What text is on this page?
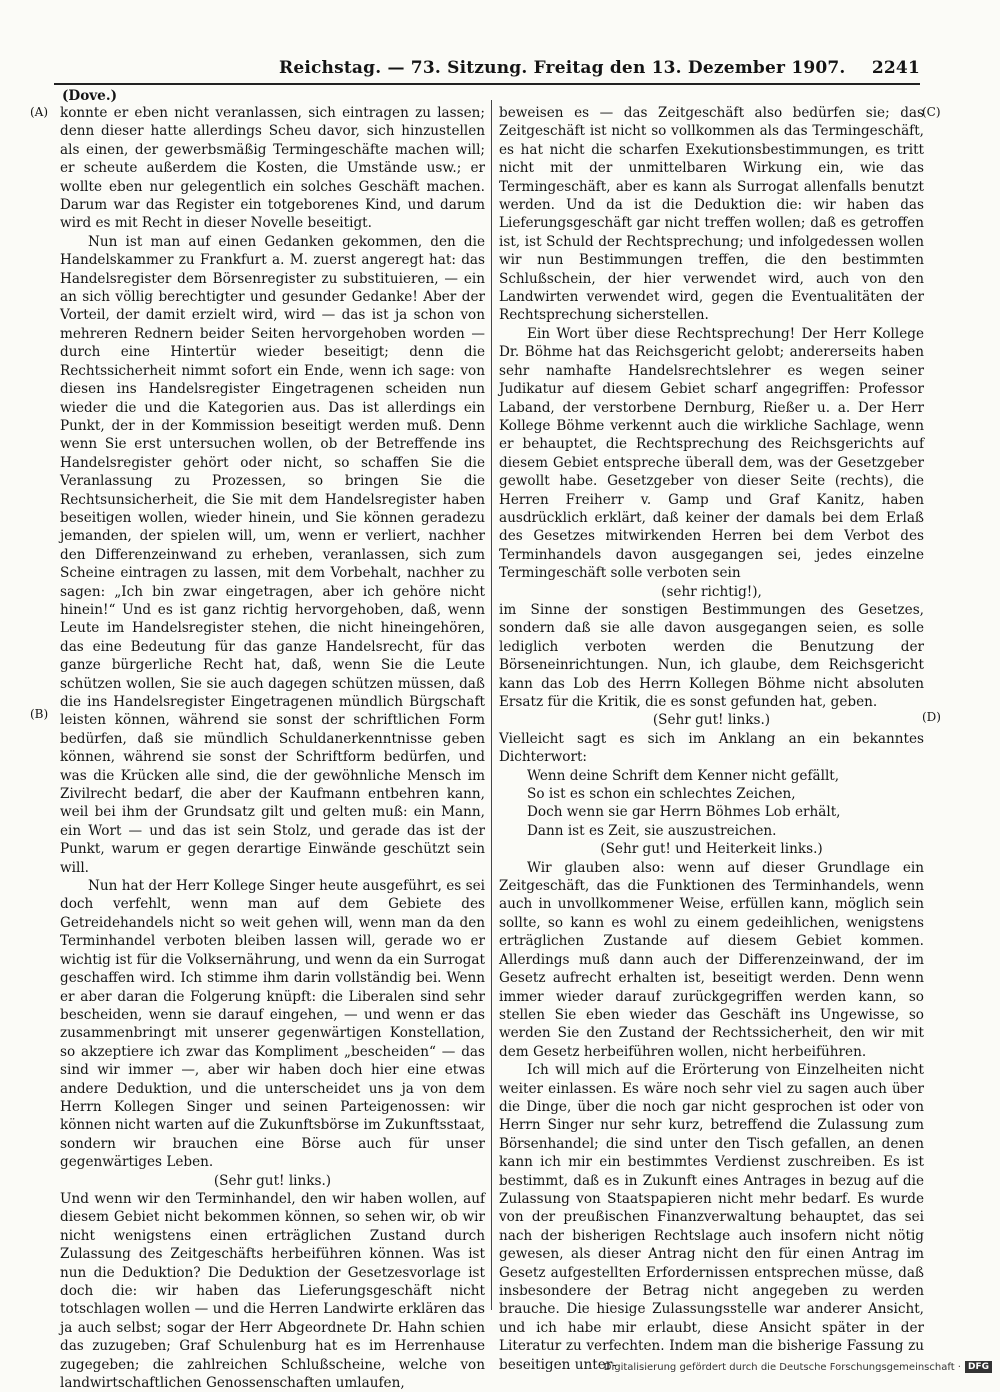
Reichstag. — 73. Sitzung. Freitag den 13. Dezember 1907. 2241
(Dove.)
(A)
(B)
(C)
(D)

konnte er eben nicht veranlassen, sich eintragen zu lassen; denn dieser hatte allerdings Scheu davor, sich hinzustellen als einen, der gewerbsmäßig Termingeschäfte machen will; er scheute außerdem die Kosten, die Umstände usw.; er wollte eben nur gelegentlich ein solches Geschäft machen. Darum war das Register ein totgeborenes Kind, und darum wird es mit Recht in dieser Novelle beseitigt.

Nun ist man auf einen Gedanken gekommen, den die Handelskammer zu Frankfurt a. M. zuerst angeregt hat: das Handelsregister dem Börsenregister zu substituieren, — ein an sich völlig berechtigter und gesunder Gedanke! Aber der Vorteil, der damit erzielt wird, wird — das ist ja schon von mehreren Rednern beider Seiten hervorgehoben worden — durch eine Hintertür wieder beseitigt; denn die Rechtssicherheit nimmt sofort ein Ende, wenn ich sage: von diesen ins Handelsregister Eingetragenen scheiden nun wieder die und die Kategorien aus. Das ist allerdings ein Punkt, der in der Kommission beseitigt werden muß. Denn wenn Sie erst untersuchen wollen, ob der Betreffende ins Handelsregister gehört oder nicht, so schaffen Sie die Veranlassung zu Prozessen, so bringen Sie die Rechtsunsicherheit, die Sie mit dem Handelsregister haben beseitigen wollen, wieder hinein, und Sie können geradezu jemanden, der spielen will, um, wenn er verliert, nachher den Differenzeinwand zu erheben, veranlassen, sich zum Scheine eintragen zu lassen, mit dem Vorbehalt, nachher zu sagen: „Ich bin zwar eingetragen, aber ich gehöre nicht hinein!“ Und es ist ganz richtig hervorgehoben, daß, wenn Leute im Handelsregister stehen, die nicht hineingehören, das eine Bedeutung für das ganze Handelsrecht, für das ganze bürgerliche Recht hat, daß, wenn Sie die Leute schützen wollen, Sie sie auch dagegen schützen müssen, daß die ins Handelsregister Eingetragenen mündlich Bürgschaft leisten können, während sie sonst der schriftlichen Form bedürfen, daß sie mündlich Schuldanerkenntnisse geben können, während sie sonst der Schriftform bedürfen, und was die Krücken alle sind, die der gewöhnliche Mensch im Zivilrecht bedarf, die aber der Kaufmann entbehren kann, weil bei ihm der Grundsatz gilt und gelten muß: ein Mann, ein Wort — und das ist sein Stolz, und gerade das ist der Punkt, warum er gegen derartige Einwände geschützt sein will.

Nun hat der Herr Kollege Singer heute ausgeführt, es sei doch verfehlt, wenn man auf dem Gebiete des Getreidehandels nicht so weit gehen will, wenn man da den Terminhandel verboten bleiben lassen will, gerade wo er wichtig ist für die Volksernährung, und wenn da ein Surrogat geschaffen wird. Ich stimme ihm darin vollständig bei. Wenn er aber daran die Folgerung knüpft: die Liberalen sind sehr bescheiden, wenn sie darauf eingehen, — und wenn er das zusammenbringt mit unserer gegenwärtigen Konstellation, so akzeptiere ich zwar das Kompliment „bescheiden“ — das sind wir immer —, aber wir haben doch hier eine etwas andere Deduktion, und die unterscheidet uns ja von dem Herrn Kollegen Singer und seinen Parteigenossen: wir können nicht warten auf die Zukunftsbörse im Zukunftsstaat, sondern wir brauchen eine Börse auch für unser gegenwärtiges Leben.

(Sehr gut! links.)

Und wenn wir den Terminhandel, den wir haben wollen, auf diesem Gebiet nicht bekommen können, so sehen wir, ob wir nicht wenigstens einen erträglichen Zustand durch Zulassung des Zeitgeschäfts herbeiführen können. Was ist nun die Deduktion? Die Deduktion der Gesetzesvorlage ist doch die: wir haben das Lieferungsgeschäft nicht totschlagen wollen — und die Herren Landwirte erklären das ja auch selbst; sogar der Herr Abgeordnete Dr. Hahn schien das zuzugeben; Graf Schulenburg hat es im Herrenhause zugegeben; die zahlreichen Schlußscheine, welche von landwirtschaftlichen Genossenschaften umlaufen,

beweisen es — das Zeitgeschäft also bedürfen sie; das Zeitgeschäft ist nicht so vollkommen als das Termingeschäft, es hat nicht die scharfen Exekutionsbestimmungen, es tritt nicht mit der unmittelbaren Wirkung ein, wie das Termingeschäft, aber es kann als Surrogat allenfalls benutzt werden. Und da ist die Deduktion die: wir haben das Lieferungsgeschäft gar nicht treffen wollen; daß es getroffen ist, ist Schuld der Rechtsprechung; und infolgedessen wollen wir nun Bestimmungen treffen, die den bestimmten Schlußschein, der hier verwendet wird, auch von den Landwirten verwendet wird, gegen die Eventualitäten der Rechtsprechung sicherstellen.

Ein Wort über diese Rechtsprechung! Der Herr Kollege Dr. Böhme hat das Reichsgericht gelobt; andererseits haben sehr namhafte Handelsrechtslehrer es wegen seiner Judikatur auf diesem Gebiet scharf angegriffen: Professor Laband, der verstorbene Dernburg, Rießer u. a. Der Herr Kollege Böhme verkennt auch die wirkliche Sachlage, wenn er behauptet, die Rechtsprechung des Reichsgerichts auf diesem Gebiet entspreche überall dem, was der Gesetzgeber gewollt habe. Gesetzgeber von dieser Seite (rechts), die Herren Freiherr v. Gamp und Graf Kanitz, haben ausdrücklich erklärt, daß keiner der damals bei dem Erlaß des Gesetzes mitwirkenden Herren bei dem Verbot des Terminhandels davon ausgegangen sei, jedes einzelne Termingeschäft solle verboten sein

(sehr richtig!),

im Sinne der sonstigen Bestimmungen des Gesetzes, sondern daß sie alle davon ausgegangen seien, es solle lediglich verboten werden die Benutzung der Börseneinrichtungen. Nun, ich glaube, dem Reichsgericht kann das Lob des Herrn Kollegen Böhme nicht absoluten Ersatz für die Kritik, die es sonst gefunden hat, geben.

(Sehr gut! links.)

Vielleicht sagt es sich im Anklang an ein bekanntes Dichterwort:

Wenn deine Schrift dem Kenner nicht gefällt,

So ist es schon ein schlechtes Zeichen,

Doch wenn sie gar Herrn Böhmes Lob erhält,

Dann ist es Zeit, sie auszustreichen.

(Sehr gut! und Heiterkeit links.)

Wir glauben also: wenn auf dieser Grundlage ein Zeitgeschäft, das die Funktionen des Terminhandels, wenn auch in unvollkommener Weise, erfüllen kann, möglich sein sollte, so kann es wohl zu einem gedeihlichen, wenigstens erträglichen Zustande auf diesem Gebiet kommen. Allerdings muß dann auch der Differenzeinwand, der im Gesetz aufrecht erhalten ist, beseitigt werden. Denn wenn immer wieder darauf zurückgegriffen werden kann, so stellen Sie eben wieder das Geschäft ins Ungewisse, so werden Sie den Zustand der Rechtssicherheit, den wir mit dem Gesetz herbeiführen wollen, nicht herbeiführen.

Ich will mich auf die Erörterung von Einzelheiten nicht weiter einlassen. Es wäre noch sehr viel zu sagen auch über die Dinge, über die noch gar nicht gesprochen ist oder von Herrn Singer nur sehr kurz, betreffend die Zulassung zum Börsenhandel; die sind unter den Tisch gefallen, an denen kann ich mir ein bestimmtes Verdienst zuschreiben. Es ist bestimmt, daß es in Zukunft eines Antrages in bezug auf die Zulassung von Staatspapieren nicht mehr bedarf. Es wurde von der preußischen Finanzverwaltung behauptet, das sei nach der bisherigen Rechtslage auch insofern nicht nötig gewesen, als dieser Antrag nicht den für einen Antrag im Gesetz aufgestellten Erfordernissen entsprechen müsse, daß insbesondere der Betrag nicht angegeben zu werden brauche. Die hiesige Zulassungsstelle war anderer Ansicht, und ich habe mir erlaubt, diese Ansicht später in der Literatur zu verfechten. Indem man die bisherige Fassung zu beseitigen unter-

Digitalisierung gefördert durch die Deutsche Forschungsgemeinschaft · DFG
